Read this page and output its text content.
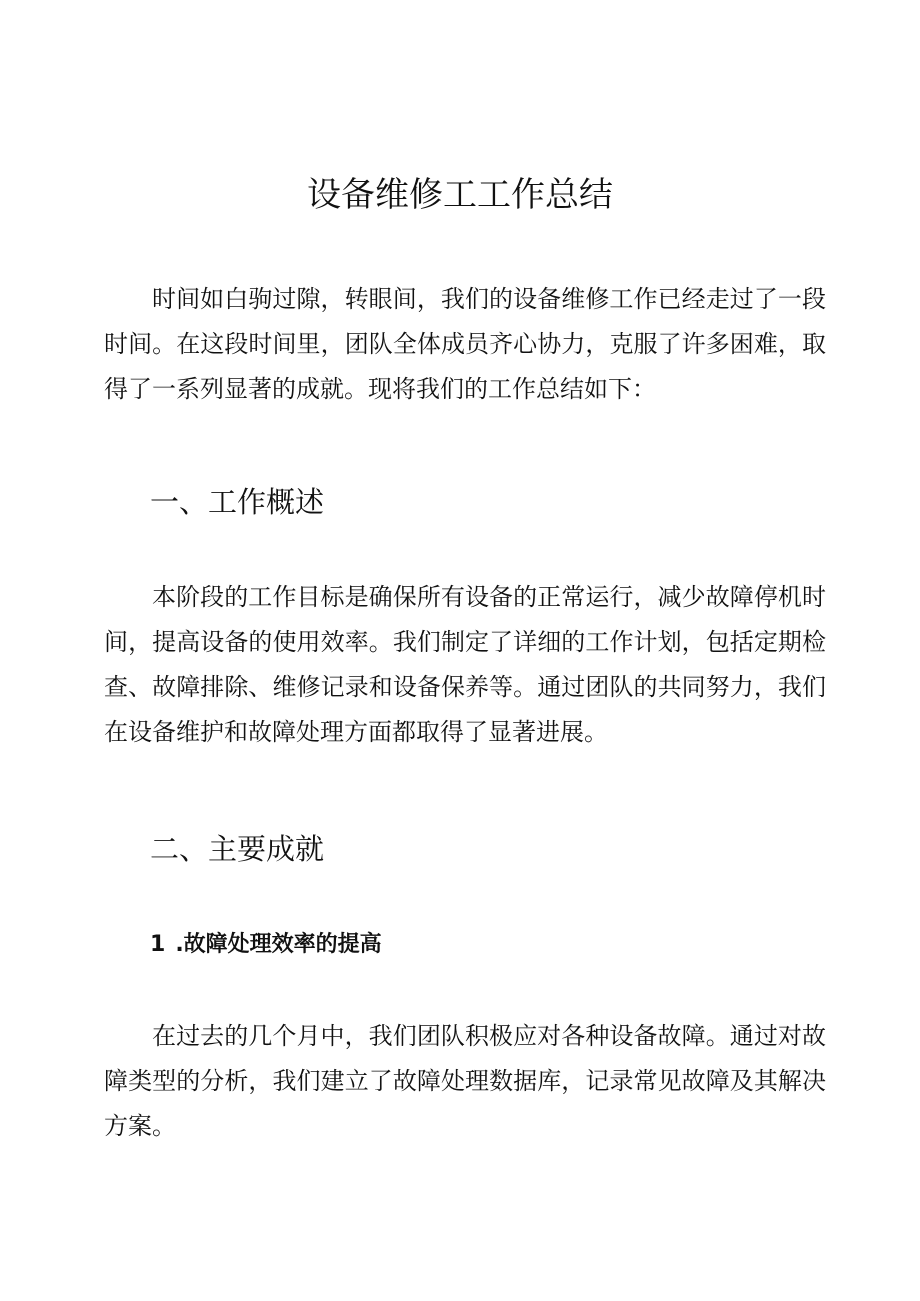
设备维修工工作总结

时间如白驹过隙，转眼间，我们的设备维修工作已经走过了一段时间。在这段时间里，团队全体成员齐心协力，克服了许多困难，取得了一系列显著的成就。现将我们的工作总结如下：

一、工作概述

本阶段的工作目标是确保所有设备的正常运行，减少故障停机时间，提高设备的使用效率。我们制定了详细的工作计划，包括定期检查、故障排除、维修记录和设备保养等。通过团队的共同努力，我们在设备维护和故障处理方面都取得了显著进展。

二、主要成就
1 .故障处理效率的提高

在过去的几个月中，我们团队积极应对各种设备故障。通过对故障类型的分析，我们建立了故障处理数据库，记录常见故障及其解决方案。
